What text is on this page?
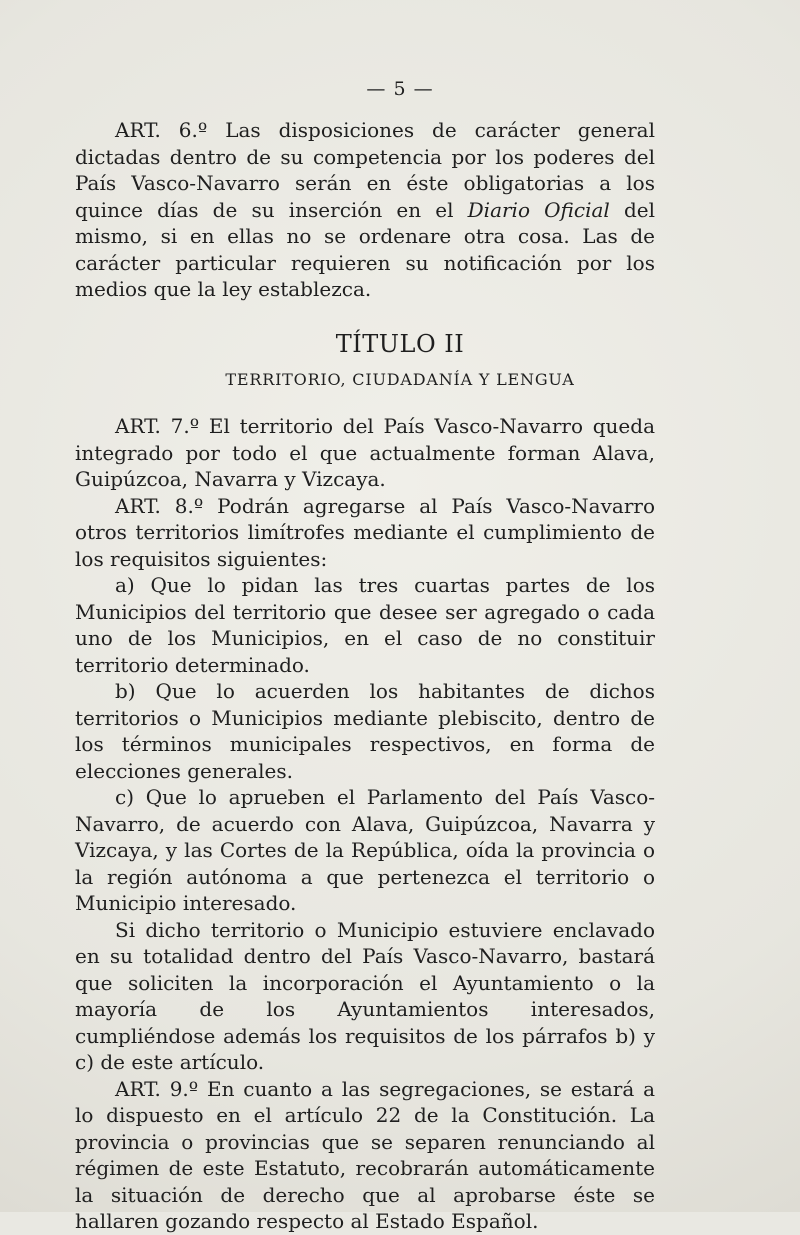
— 5 —

ART. 6.º Las disposiciones de carácter general dictadas dentro de su competencia por los poderes del País Vasco-Navarro serán en éste obligatorias a los quince días de su inserción en el Diario Oficial del mismo, si en ellas no se ordenare otra cosa. Las de carácter particular requieren su notificación por los medios que la ley establezca.

TÍTULO II
TERRITORIO, CIUDADANÍA Y LENGUA

ART. 7.º El territorio del País Vasco-Navarro queda integrado por todo el que actualmente forman Alava, Guipúzcoa, Navarra y Vizcaya.

ART. 8.º Podrán agregarse al País Vasco-Navarro otros territorios limítrofes mediante el cumplimiento de los requisitos siguientes:

a) Que lo pidan las tres cuartas partes de los Municipios del territorio que desee ser agregado o cada uno de los Municipios, en el caso de no constituir territorio determinado.

b) Que lo acuerden los habitantes de dichos territorios o Municipios mediante plebiscito, dentro de los términos municipales respectivos, en forma de elecciones generales.

c) Que lo aprueben el Parlamento del País Vasco-Navarro, de acuerdo con Alava, Guipúzcoa, Navarra y Vizcaya, y las Cortes de la República, oída la provincia o la región autónoma a que pertenezca el territorio o Municipio interesado.

Si dicho territorio o Municipio estuviere enclavado en su totalidad dentro del País Vasco-Navarro, bastará que soliciten la incorporación el Ayuntamiento o la mayoría de los Ayuntamientos interesados, cumpliéndose además los requisitos de los párrafos b) y c) de este artículo.

ART. 9.º En cuanto a las segregaciones, se estará a lo dispuesto en el artículo 22 de la Constitución. La provincia o provincias que se separen renunciando al régimen de este Estatuto, recobrarán automáticamente la situación de derecho que al aprobarse éste se hallaren gozando respecto al Estado Español.
